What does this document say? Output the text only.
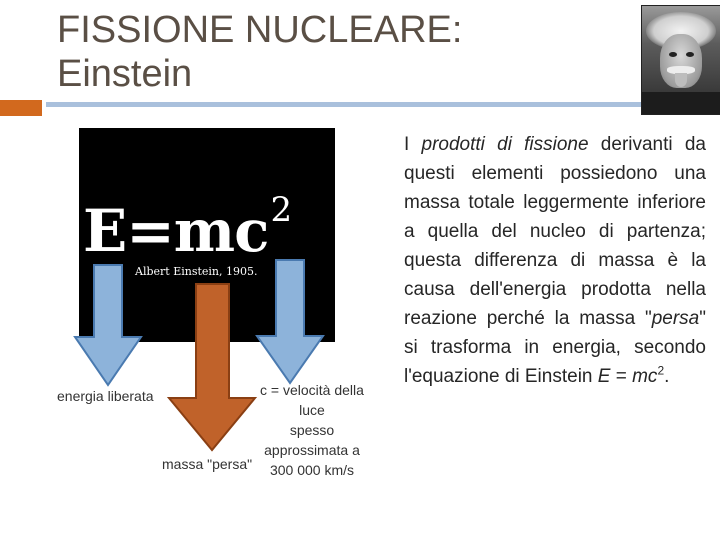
FISSIONE NUCLEARE:
Einstein
$E=mc^2$
Albert Einstein, 1905.
energia liberata	c = velocità della
luce
spesso
approssimata a
300 000 km/s
massa "persa"

I prodotti di fissione derivanti da questi elementi possiedono una massa totale leggermente inferiore a quella del nucleo di partenza; questa differenza di massa è la causa dell'energia prodotta nella reazione perché la massa "persa" si trasforma in energia, secondo l'equazione di Einstein $E = mc^2$.
